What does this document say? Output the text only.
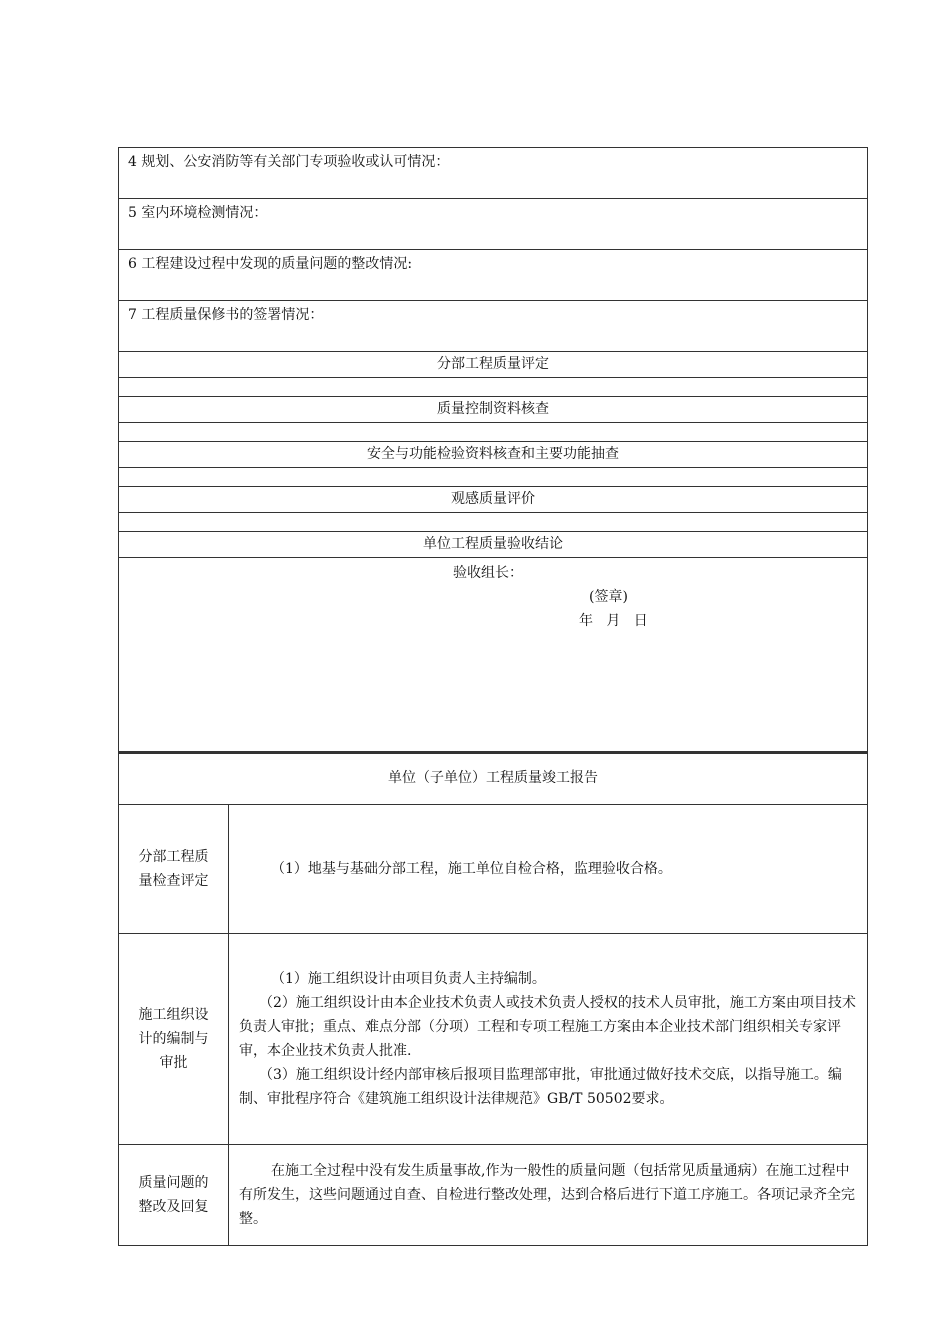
4 规划、公安消防等有关部门专项验收或认可情况：
5 室内环境检测情况：
6 工程建设过程中发现的质量问题的整改情况:
7 工程质量保修书的签署情况：
分部工程质量评定
质量控制资料核查
安全与功能检验资料核查和主要功能抽查
观感质量评价
单位工程质量验收结论
验收组长：
(签章)
年   月   日
单位（子单位）工程质量竣工报告
分部工程质量检查评定

（1）地基与基础分部工程，施工单位自检合格，监理验收合格。

施工组织设计的编制与审批

（1）施工组织设计由项目负责人主持编制。

（2）施工组织设计由本企业技术负责人或技术负责人授权的技术人员审批，施工方案由项目技术负责人审批；重点、难点分部（分项）工程和专项工程施工方案由本企业技术部门组织相关专家评审，本企业技术负责人批准.

（3）施工组织设计经内部审核后报项目监理部审批，审批通过做好技术交底，以指导施工。编制、审批程序符合《建筑施工组织设计法律规范》GB/T 50502要求。

质量问题的整改及回复

在施工全过程中没有发生质量事故,作为一般性的质量问题（包括常见质量通病）在施工过程中有所发生，这些问题通过自查、自检进行整改处理，达到合格后进行下道工序施工。各项记录齐全完整。
